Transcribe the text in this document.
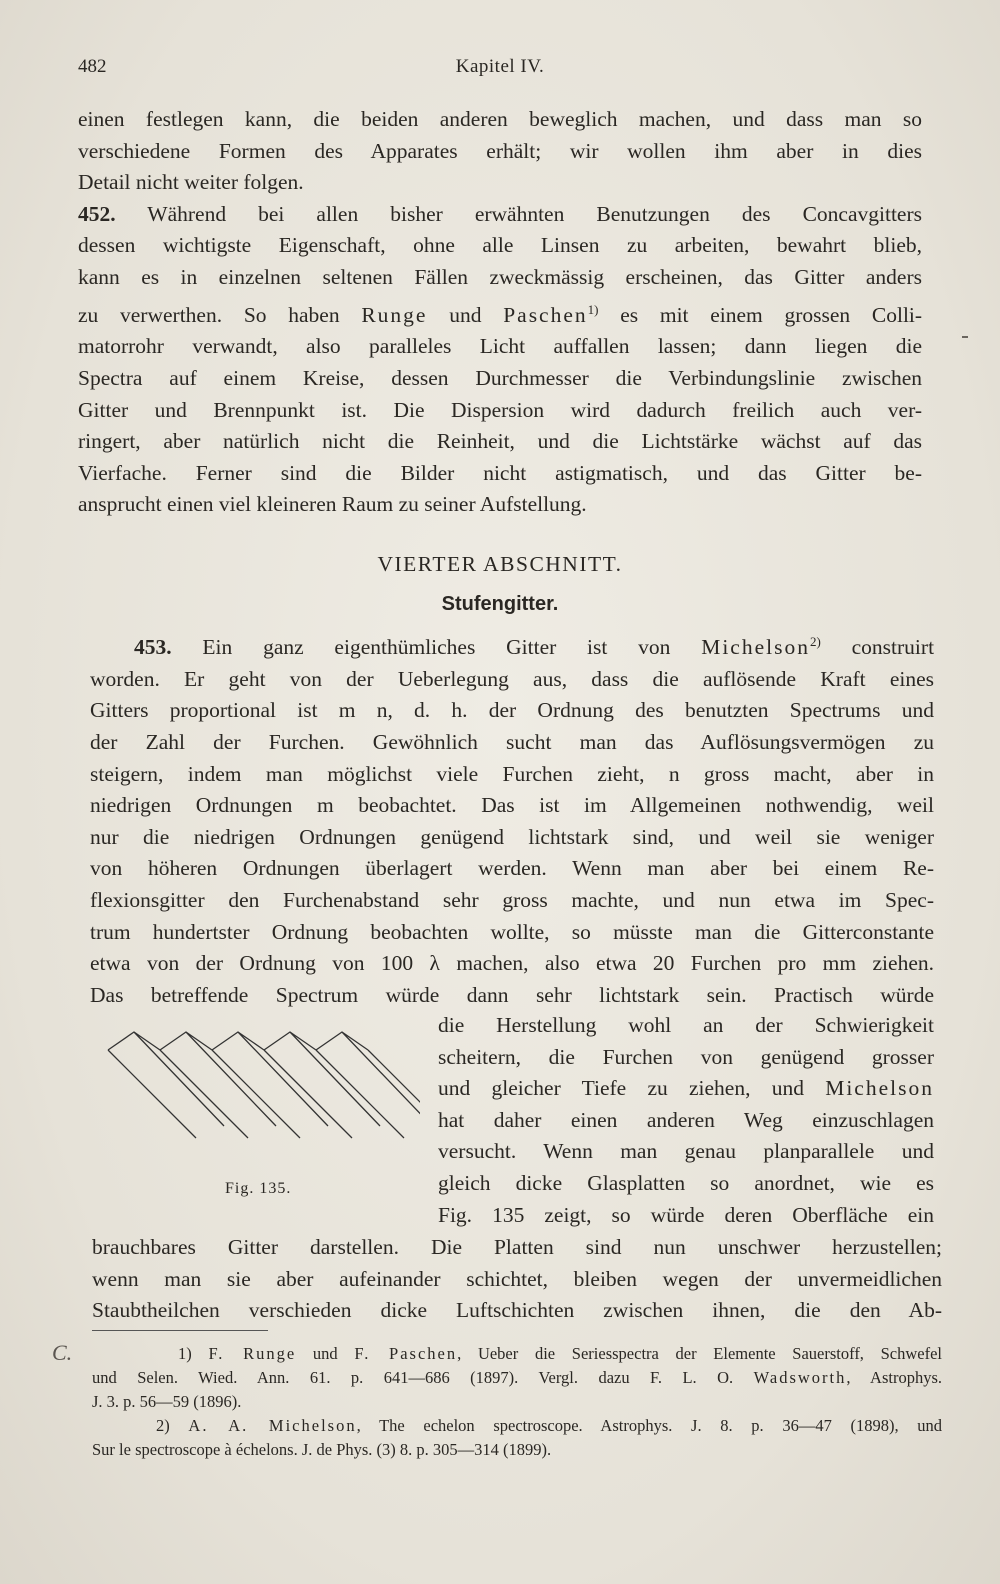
482	Kapitel IV.
einen festlegen kann, die beiden anderen beweglich machen, und dass man so
verschiedene Formen des Apparates erhält; wir wollen ihm aber in dies
Detail nicht weiter folgen.
452. Während bei allen bisher erwähnten Benutzungen des Concavgitters
dessen wichtigste Eigenschaft, ohne alle Linsen zu arbeiten, bewahrt blieb,
kann es in einzelnen seltenen Fällen zweckmässig erscheinen, das Gitter anders
zu verwerthen. So haben Runge und Paschen$^{1)}$ es mit einem grossen Colli-
matorrohr verwandt, also paralleles Licht auffallen lassen; dann liegen die
Spectra auf einem Kreise, dessen Durchmesser die Verbindungslinie zwischen
Gitter und Brennpunkt ist. Die Dispersion wird dadurch freilich auch ver-
ringert, aber natürlich nicht die Reinheit, und die Lichtstärke wächst auf das
Vierfache. Ferner sind die Bilder nicht astigmatisch, und das Gitter be-
ansprucht einen viel kleineren Raum zu seiner Aufstellung.
VIERTER ABSCHNITT.
Stufengitter.
453. Ein ganz eigenthümliches Gitter ist von Michelson$^{2)}$ construirt
worden. Er geht von der Ueberlegung aus, dass die auflösende Kraft eines
Gitters proportional ist m n, d. h. der Ordnung des benutzten Spectrums und
der Zahl der Furchen. Gewöhnlich sucht man das Auflösungsvermögen zu
steigern, indem man möglichst viele Furchen zieht, n gross macht, aber in
niedrigen Ordnungen m beobachtet. Das ist im Allgemeinen nothwendig, weil
nur die niedrigen Ordnungen genügend lichtstark sind, und weil sie weniger
von höheren Ordnungen überlagert werden. Wenn man aber bei einem Re-
flexionsgitter den Furchenabstand sehr gross machte, und nun etwa im Spec-
trum hundertster Ordnung beobachten wollte, so müsste man die Gitterconstante
etwa von der Ordnung von 100 λ machen, also etwa 20 Furchen pro mm ziehen.
Das betreffende Spectrum würde dann sehr lichtstark sein. Practisch würde
die Herstellung wohl an der Schwierigkeit
scheitern, die Furchen von genügend grosser
und gleicher Tiefe zu ziehen, und Michelson
hat daher einen anderen Weg einzuschlagen
versucht. Wenn man genau planparallele und
gleich dicke Glasplatten so anordnet, wie es
Fig. 135 zeigt, so würde deren Oberfläche ein
Fig. 135.
brauchbares Gitter darstellen. Die Platten sind nun unschwer herzustellen;
wenn man sie aber aufeinander schichtet, bleiben wegen der unvermeidlichen
Staubtheilchen verschieden dicke Luftschichten zwischen ihnen, die den Ab-
C.	1) F. Runge und F. Paschen, Ueber die Seriesspectra der Elemente Sauerstoff, Schwefel
und Selen. Wied. Ann. 61. p. 641—686 (1897). Vergl. dazu F. L. O. Wadsworth, Astrophys.
J. 3. p. 56—59 (1896).
2) A. A. Michelson, The echelon spectroscope. Astrophys. J. 8. p. 36—47 (1898), und
Sur le spectroscope à échelons. J. de Phys. (3) 8. p. 305—314 (1899).
